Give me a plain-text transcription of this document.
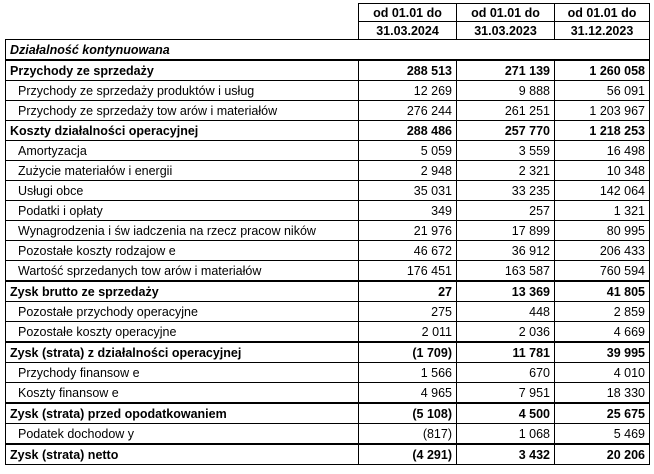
	od 01.01 do	od 01.01 do	od 01.01 do
	31.03.2024	31.03.2023	31.12.2023
Działalność kontynuowana			
Przychody ze sprzedaży	288 513	271 139	1 260 058
Przychody ze sprzedaży produktów i usług	12 269	9 888	56 091
Przychody ze sprzedaży tow arów i materiałów	276 244	261 251	1 203 967
Koszty działalności operacyjnej	288 486	257 770	1 218 253
Amortyzacja	5 059	3 559	16 498
Zużycie materiałów i energii	2 948	2 321	10 348
Usługi obce	35 031	33 235	142 064
Podatki i opłaty	349	257	1 321
Wynagrodzenia i św iadczenia na rzecz pracow ników	21 976	17 899	80 995
Pozostałe koszty rodzajow e	46 672	36 912	206 433
Wartość sprzedanych tow arów i materiałów	176 451	163 587	760 594
Zysk brutto ze sprzedaży	27	13 369	41 805
Pozostałe przychody operacyjne	275	448	2 859
Pozostałe koszty operacyjne	2 011	2 036	4 669
Zysk (strata) z działalności operacyjnej	(1 709)	11 781	39 995
Przychody finansow e	1 566	670	4 010
Koszty finansow e	4 965	7 951	18 330
Zysk (strata) przed opodatkowaniem	(5 108)	4 500	25 675
Podatek dochodow y	(817)	1 068	5 469
Zysk (strata) netto	(4 291)	3 432	20 206
